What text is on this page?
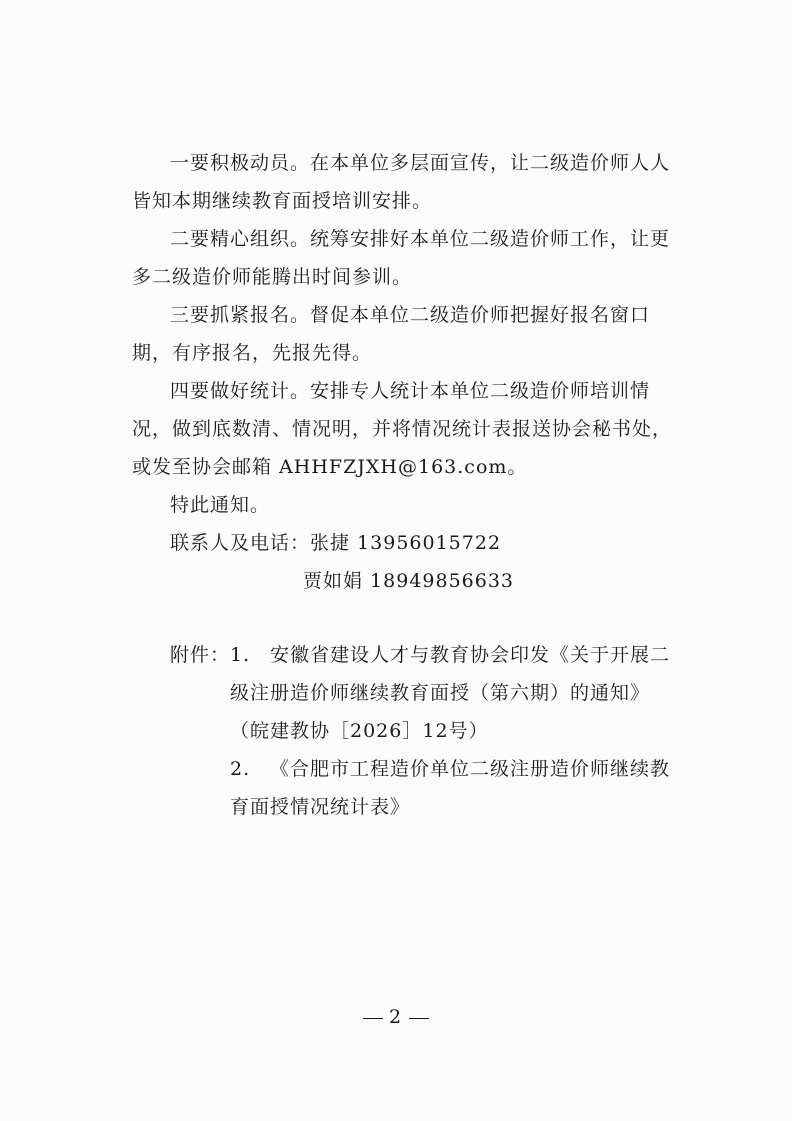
一要积极动员。在本单位多层面宣传，让二级造价师人人皆知本期继续教育面授培训安排。

二要精心组织。统筹安排好本单位二级造价师工作，让更多二级造价师能腾出时间参训。

三要抓紧报名。督促本单位二级造价师把握好报名窗口期，有序报名，先报先得。

四要做好统计。安排专人统计本单位二级造价师培训情况，做到底数清、情况明，并将情况统计表报送协会秘书处，或发至协会邮箱 AHHFZJXH@163.com。

特此通知。

联系人及电话：张捷 13956015722

贾如娟 18949856633

附件： 1.	安徽省建设人才与教育协会印发《关于开展二级注册造价师继续教育面授（第六期）的通知》（皖建教协［2026］12号）
2.	《合肥市工程造价单位二级注册造价师继续教育面授情况统计表》
2
